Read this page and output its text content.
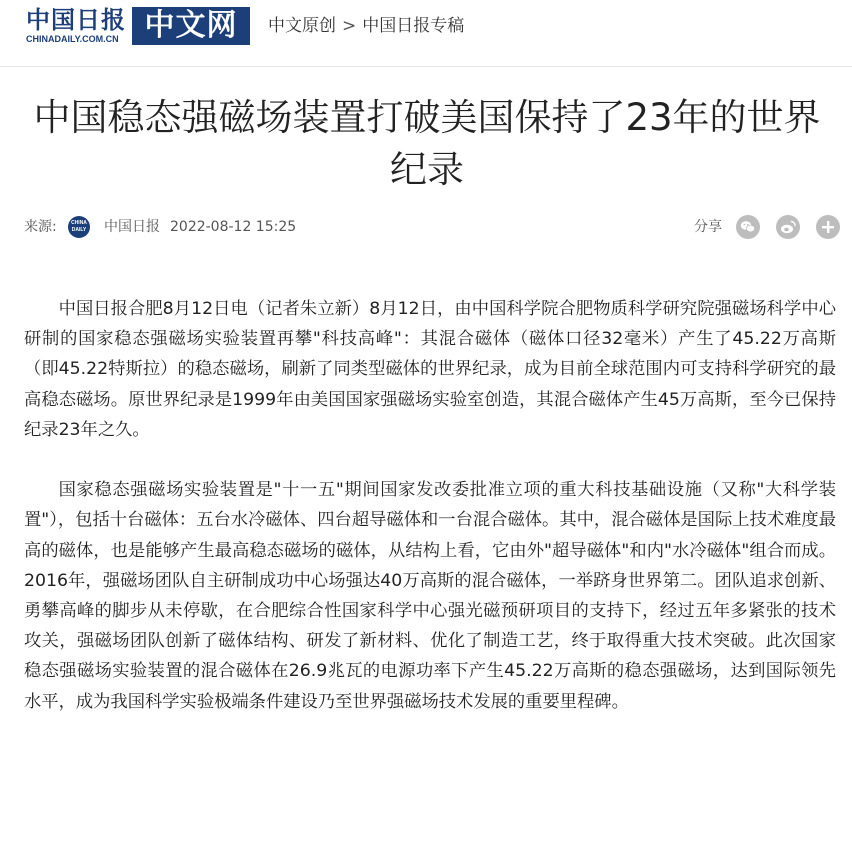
中国日报
CHINADAILY.COM.CN 中文网	中文原创 > 中国日报专稿
中国稳态强磁场装置打破美国保持了23年的世界纪录
来源:	CHINA DAILY 中国日报 2022-08-12 15:25	分享

中国日报合肥8月12日电（记者朱立新）8月12日，由中国科学院合肥物质科学研究院强磁场科学中心研制的国家稳态强磁场实验装置再攀"科技高峰"：其混合磁体（磁体口径32毫米）产生了45.22万高斯（即45.22特斯拉）的稳态磁场，刷新了同类型磁体的世界纪录，成为目前全球范围内可支持科学研究的最高稳态磁场。原世界纪录是1999年由美国国家强磁场实验室创造，其混合磁体产生45万高斯，至今已保持纪录23年之久。

国家稳态强磁场实验装置是"十一五"期间国家发改委批准立项的重大科技基础设施（又称"大科学装置"），包括十台磁体：五台水冷磁体、四台超导磁体和一台混合磁体。其中，混合磁体是国际上技术难度最高的磁体，也是能够产生最高稳态磁场的磁体，从结构上看，它由外"超导磁体"和内"水冷磁体"组合而成。2016年，强磁场团队自主研制成功中心场强达40万高斯的混合磁体，一举跻身世界第二。团队追求创新、勇攀高峰的脚步从未停歇，在合肥综合性国家科学中心强光磁预研项目的支持下，经过五年多紧张的技术攻关，强磁场团队创新了磁体结构、研发了新材料、优化了制造工艺，终于取得重大技术突破。此次国家稳态强磁场实验装置的混合磁体在26.9兆瓦的电源功率下产生45.22万高斯的稳态强磁场，达到国际领先水平，成为我国科学实验极端条件建设乃至世界强磁场技术发展的重要里程碑。
